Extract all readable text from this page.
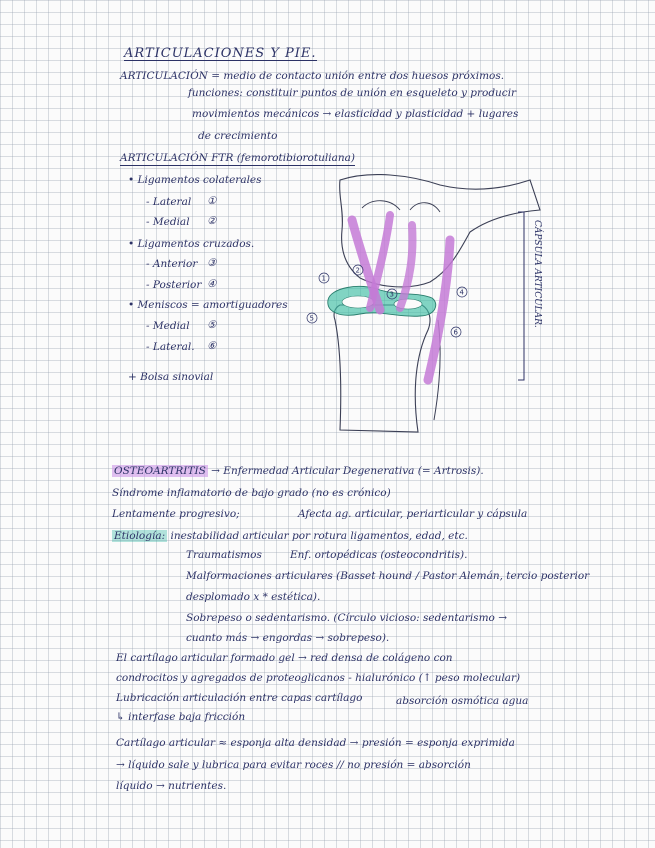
ARTICULACIONES Y PIE.
ARTICULACIÓN = medio de contacto unión entre dos huesos próximos.
funciones: constituir puntos de unión en esqueleto y producir
movimientos mecánicos → elasticidad y plasticidad + lugares
de crecimiento
ARTICULACIÓN FTR (femorotibiorotuliana)
• Ligamentos colaterales
- Lateral ①
- Medial ②
• Ligamentos cruzados.
- Anterior ③
- Posterior ④
• Meniscos = amortiguadores
- Medial ⑤
- Lateral. ⑥
+ Bolsa sinovial
1
2
3	4
5
6
CÁPSULA ARTICULAR.
OSTEOARTRITIS → Enfermedad Articular Degenerativa (= Artrosis).
Síndrome inflamatorio de bajo grado (no es crónico)
Lentamente progresivo;	Afecta ag. articular, periarticular y cápsula
Etiología: inestabilidad articular por rotura ligamentos, edad, etc.
Traumatismos	Enf. ortopédicas (osteocondritis).
Malformaciones articulares (Basset hound / Pastor Alemán, tercio posterior
desplomado x * estética).
Sobrepeso o sedentarismo. (Círculo vicioso: sedentarismo →
cuanto más → engordas → sobrepeso).
El cartílago articular formado gel → red densa de colágeno con
condrocitos y agregados de proteoglicanos - hialurónico (↑ peso molecular)
Lubricación articulación entre capas cartílago	absorción osmótica agua
↳ interfase baja fricción
Cartílago articular ≈ esponja alta densidad → presión = esponja exprimida
→ líquido sale y lubrica para evitar roces // no presión = absorción
líquido → nutrientes.
